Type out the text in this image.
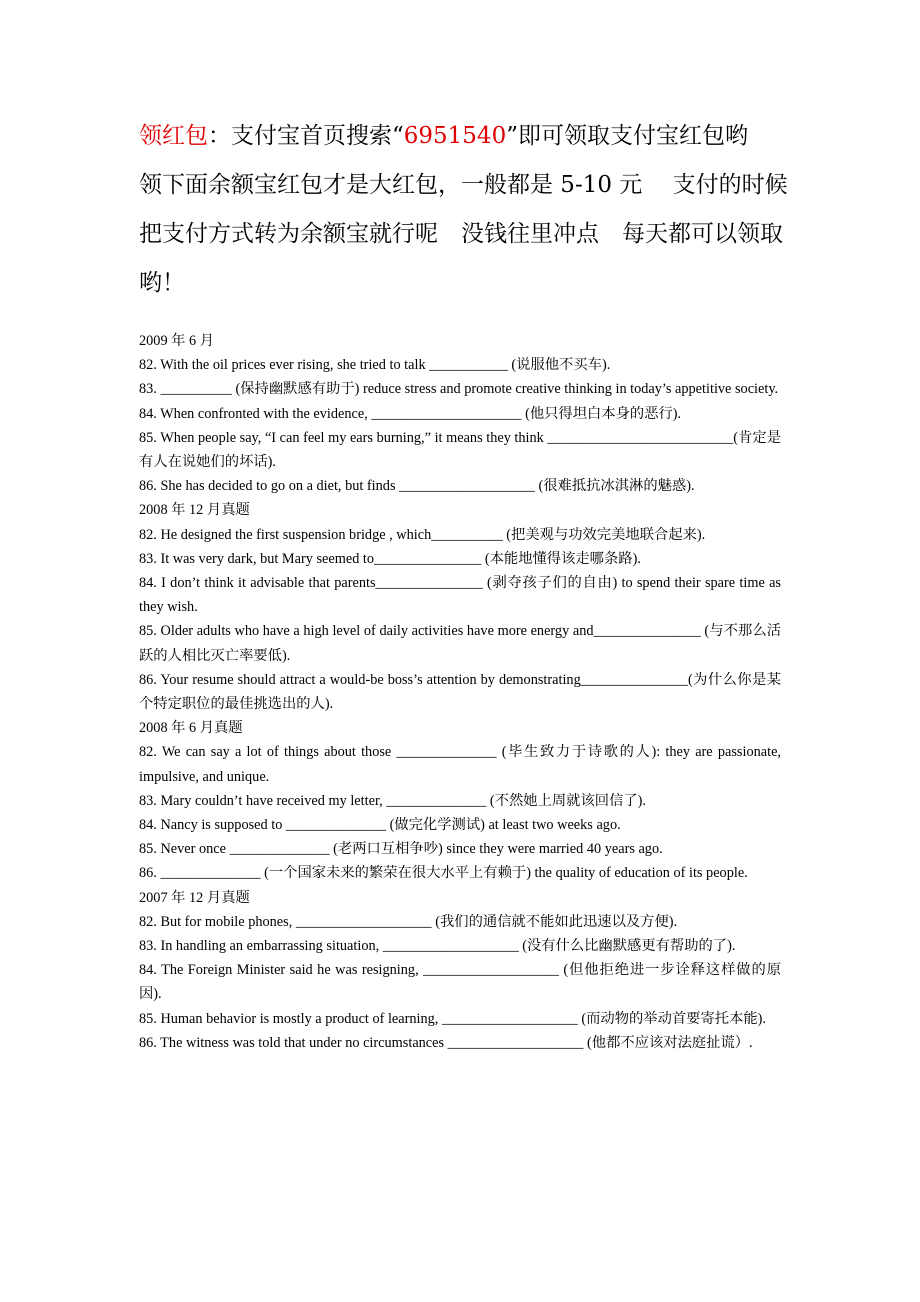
领红包：支付宝首页搜索“6951540”即可领取支付宝红包哟
领下面余额宝红包才是大红包，一般都是 5-10 元　 支付的时候
把支付方式转为余额宝就行呢　没钱往里冲点　每天都可以领取
哟！

2009 年 6 月

82. With the oil prices ever rising, she tried to talk ___________ (说服他不买车).

83. __________ (保持幽默感有助于) reduce stress and promote creative thinking in today’s appetitive society.

84. When confronted with the evidence, _____________________ (他只得坦白本身的恶行).

85. When people say, “I can feel my ears burning,” it means they think __________________________(肯定是有人在说她们的坏话).

86. She has decided to go on a diet, but finds ___________________ (很难抵抗冰淇淋的魅惑).

2008 年 12 月真题

82. He designed the first suspension bridge , which__________ (把美观与功效完美地联合起来).

83. It was very dark, but Mary seemed to_______________ (本能地懂得该走哪条路).

84. I don’t think it advisable that parents_______________ (剥夺孩子们的自由) to spend their spare time as they wish.

85. Older adults who have a high level of daily activities have more energy and_______________ (与不那么活跃的人相比灭亡率要低).

86. Your resume should attract a would-be boss’s attention by demonstrating_______________(为什么你是某个特定职位的最佳挑选出的人).

2008 年 6 月真题

82. We can say a lot of things about those ______________ (毕生致力于诗歌的人): they are passionate, impulsive, and unique.

83. Mary couldn’t have received my letter, ______________ (不然她上周就该回信了).

84. Nancy is supposed to ______________ (做完化学测试) at least two weeks ago.

85. Never once ______________ (老两口互相争吵) since they were married 40 years ago.

86. ______________ (一个国家未来的繁荣在很大水平上有赖于) the quality of education of its people.

2007 年 12 月真题

82. But for mobile phones, ___________________ (我们的通信就不能如此迅速以及方便).

83. In handling an embarrassing situation, ___________________ (没有什么比幽默感更有帮助的了).

84. The Foreign Minister said he was resigning, ___________________ (但他拒绝进一步诠释这样做的原因).

85. Human behavior is mostly a product of learning, ___________________ (而动物的举动首要寄托本能).

86. The witness was told that under no circumstances ___________________ (他都不应该对法庭扯谎）.
